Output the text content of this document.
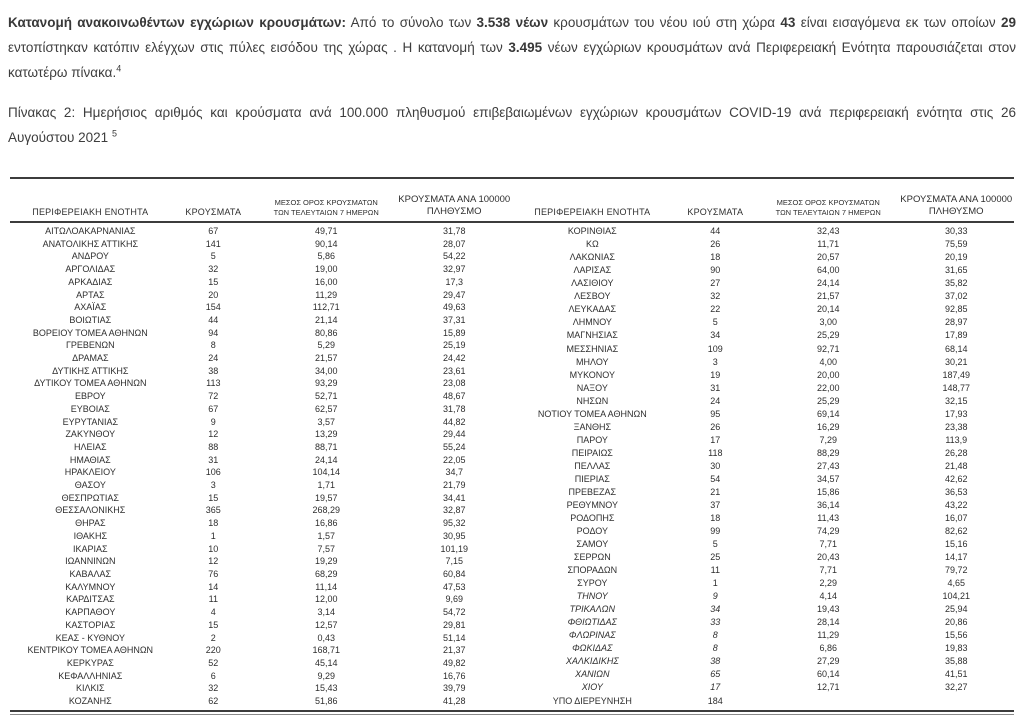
Κατανομή ανακοινωθέντων εγχώριων κρουσμάτων: Από το σύνολο των 3.538 νέων κρουσμάτων του νέου ιού στη χώρα 43 είναι εισαγόμενα εκ των οποίων 29 εντοπίστηκαν κατόπιν ελέγχων στις πύλες εισόδου της χώρας . Η κατανομή των 3.495 νέων εγχώριων κρουσμάτων ανά Περιφερειακή Ενότητα παρουσιάζεται στον κατωτέρω πίνακα.$^4$

Πίνακας 2: Ημερήσιος αριθμός και κρούσματα ανά 100.000 πληθυσμού επιβεβαιωμένων εγχώριων κρουσμάτων COVID-19 ανά περιφερειακή ενότητα στις 26 Αυγούστου 2021 $^5$

ΠΕΡΙΦΕΡΕΙΑΚΗ ΕΝΟΤΗΤΑ	ΚΡΟΥΣΜΑΤΑ	ΜΕΣΟΣ ΟΡΟΣ ΚΡΟΥΣΜΑΤΩΝ
ΤΩΝ ΤΕΛΕΥΤΑΙΩΝ 7 ΗΜΕΡΩΝ	ΚΡΟΥΣΜΑΤΑ ΑΝΑ 100000
ΠΛΗΘΥΣΜΟ

ΑΙΤΩΛΟΑΚΑΡΝΑΝΙΑΣ	67	49,71	31,78
ΑΝΑΤΟΛΙΚΗΣ ΑΤΤΙΚΗΣ	141	90,14	28,07
ΑΝΔΡΟΥ	5	5,86	54,22
ΑΡΓΟΛΙΔΑΣ	32	19,00	32,97
ΑΡΚΑΔΙΑΣ	15	16,00	17,3
ΑΡΤΑΣ	20	11,29	29,47
ΑΧΑΪΑΣ	154	112,71	49,63
ΒΟΙΩΤΙΑΣ	44	21,14	37,31
ΒΟΡΕΙΟΥ ΤΟΜΕΑ ΑΘΗΝΩΝ	94	80,86	15,89
ΓΡΕΒΕΝΩΝ	8	5,29	25,19
ΔΡΑΜΑΣ	24	21,57	24,42
ΔΥΤΙΚΗΣ ΑΤΤΙΚΗΣ	38	34,00	23,61
ΔΥΤΙΚΟΥ ΤΟΜΕΑ ΑΘΗΝΩΝ	113	93,29	23,08
ΕΒΡΟΥ	72	52,71	48,67
ΕΥΒΟΙΑΣ	67	62,57	31,78
ΕΥΡΥΤΑΝΙΑΣ	9	3,57	44,82
ΖΑΚΥΝΘΟΥ	12	13,29	29,44
ΗΛΕΙΑΣ	88	88,71	55,24
ΗΜΑΘΙΑΣ	31	24,14	22,05
ΗΡΑΚΛΕΙΟΥ	106	104,14	34,7
ΘΑΣΟΥ	3	1,71	21,79
ΘΕΣΠΡΩΤΙΑΣ	15	19,57	34,41
ΘΕΣΣΑΛΟΝΙΚΗΣ	365	268,29	32,87
ΘΗΡΑΣ	18	16,86	95,32
ΙΘΑΚΗΣ	1	1,57	30,95
ΙΚΑΡΙΑΣ	10	7,57	101,19
ΙΩΑΝΝΙΝΩΝ	12	19,29	7,15
ΚΑΒΑΛΑΣ	76	68,29	60,84
ΚΑΛΥΜΝΟΥ	14	11,14	47,53
ΚΑΡΔΙΤΣΑΣ	11	12,00	9,69
ΚΑΡΠΑΘΟΥ	4	3,14	54,72
ΚΑΣΤΟΡΙΑΣ	15	12,57	29,81
ΚΕΑΣ - ΚΥΘΝΟΥ	2	0,43	51,14
ΚΕΝΤΡΙΚΟΥ ΤΟΜΕΑ ΑΘΗΝΩΝ	220	168,71	21,37
ΚΕΡΚΥΡΑΣ	52	45,14	49,82
ΚΕΦΑΛΛΗΝΙΑΣ	6	9,29	16,76
ΚΙΛΚΙΣ	32	15,43	39,79
ΚΟΖΑΝΗΣ	62	51,86	41,28
ΠΕΡΙΦΕΡΕΙΑΚΗ ΕΝΟΤΗΤΑ	ΚΡΟΥΣΜΑΤΑ	ΜΕΣΟΣ ΟΡΟΣ ΚΡΟΥΣΜΑΤΩΝ
ΤΩΝ ΤΕΛΕΥΤΑΙΩΝ 7 ΗΜΕΡΩΝ	ΚΡΟΥΣΜΑΤΑ ΑΝΑ 100000
ΠΛΗΘΥΣΜΟ

ΚΟΡΙΝΘΙΑΣ	44	32,43	30,33
ΚΩ	26	11,71	75,59
ΛΑΚΩΝΙΑΣ	18	20,57	20,19
ΛΑΡΙΣΑΣ	90	64,00	31,65
ΛΑΣΙΘΙΟΥ	27	24,14	35,82
ΛΕΣΒΟΥ	32	21,57	37,02
ΛΕΥΚΑΔΑΣ	22	20,14	92,85
ΛΗΜΝΟΥ	5	3,00	28,97
ΜΑΓΝΗΣΙΑΣ	34	25,29	17,89
ΜΕΣΣΗΝΙΑΣ	109	92,71	68,14
ΜΗΛΟΥ	3	4,00	30,21
ΜΥΚΟΝΟΥ	19	20,00	187,49
ΝΑΞΟΥ	31	22,00	148,77
ΝΗΣΩΝ	24	25,29	32,15
ΝΟΤΙΟΥ ΤΟΜΕΑ ΑΘΗΝΩΝ	95	69,14	17,93
ΞΑΝΘΗΣ	26	16,29	23,38
ΠΑΡΟΥ	17	7,29	113,9
ΠΕΙΡΑΙΩΣ	118	88,29	26,28
ΠΕΛΛΑΣ	30	27,43	21,48
ΠΙΕΡΙΑΣ	54	34,57	42,62
ΠΡΕΒΕΖΑΣ	21	15,86	36,53
ΡΕΘΥΜΝΟΥ	37	36,14	43,22
ΡΟΔΟΠΗΣ	18	11,43	16,07
ΡΟΔΟΥ	99	74,29	82,62
ΣΑΜΟΥ	5	7,71	15,16
ΣΕΡΡΩΝ	25	20,43	14,17
ΣΠΟΡΑΔΩΝ	11	7,71	79,72
ΣΥΡΟΥ	1	2,29	4,65
ΤΗΝΟΥ	9	4,14	104,21
ΤΡΙΚΑΛΩΝ	34	19,43	25,94
ΦΘΙΩΤΙΔΑΣ	33	28,14	20,86
ΦΛΩΡΙΝΑΣ	8	11,29	15,56
ΦΩΚΙΔΑΣ	8	6,86	19,83
ΧΑΛΚΙΔΙΚΗΣ	38	27,29	35,88
ΧΑΝΙΩΝ	65	60,14	41,51
ΧΙΟΥ	17	12,71	32,27
ΥΠΟ ΔΙΕΡΕΥΝΗΣΗ	184		
